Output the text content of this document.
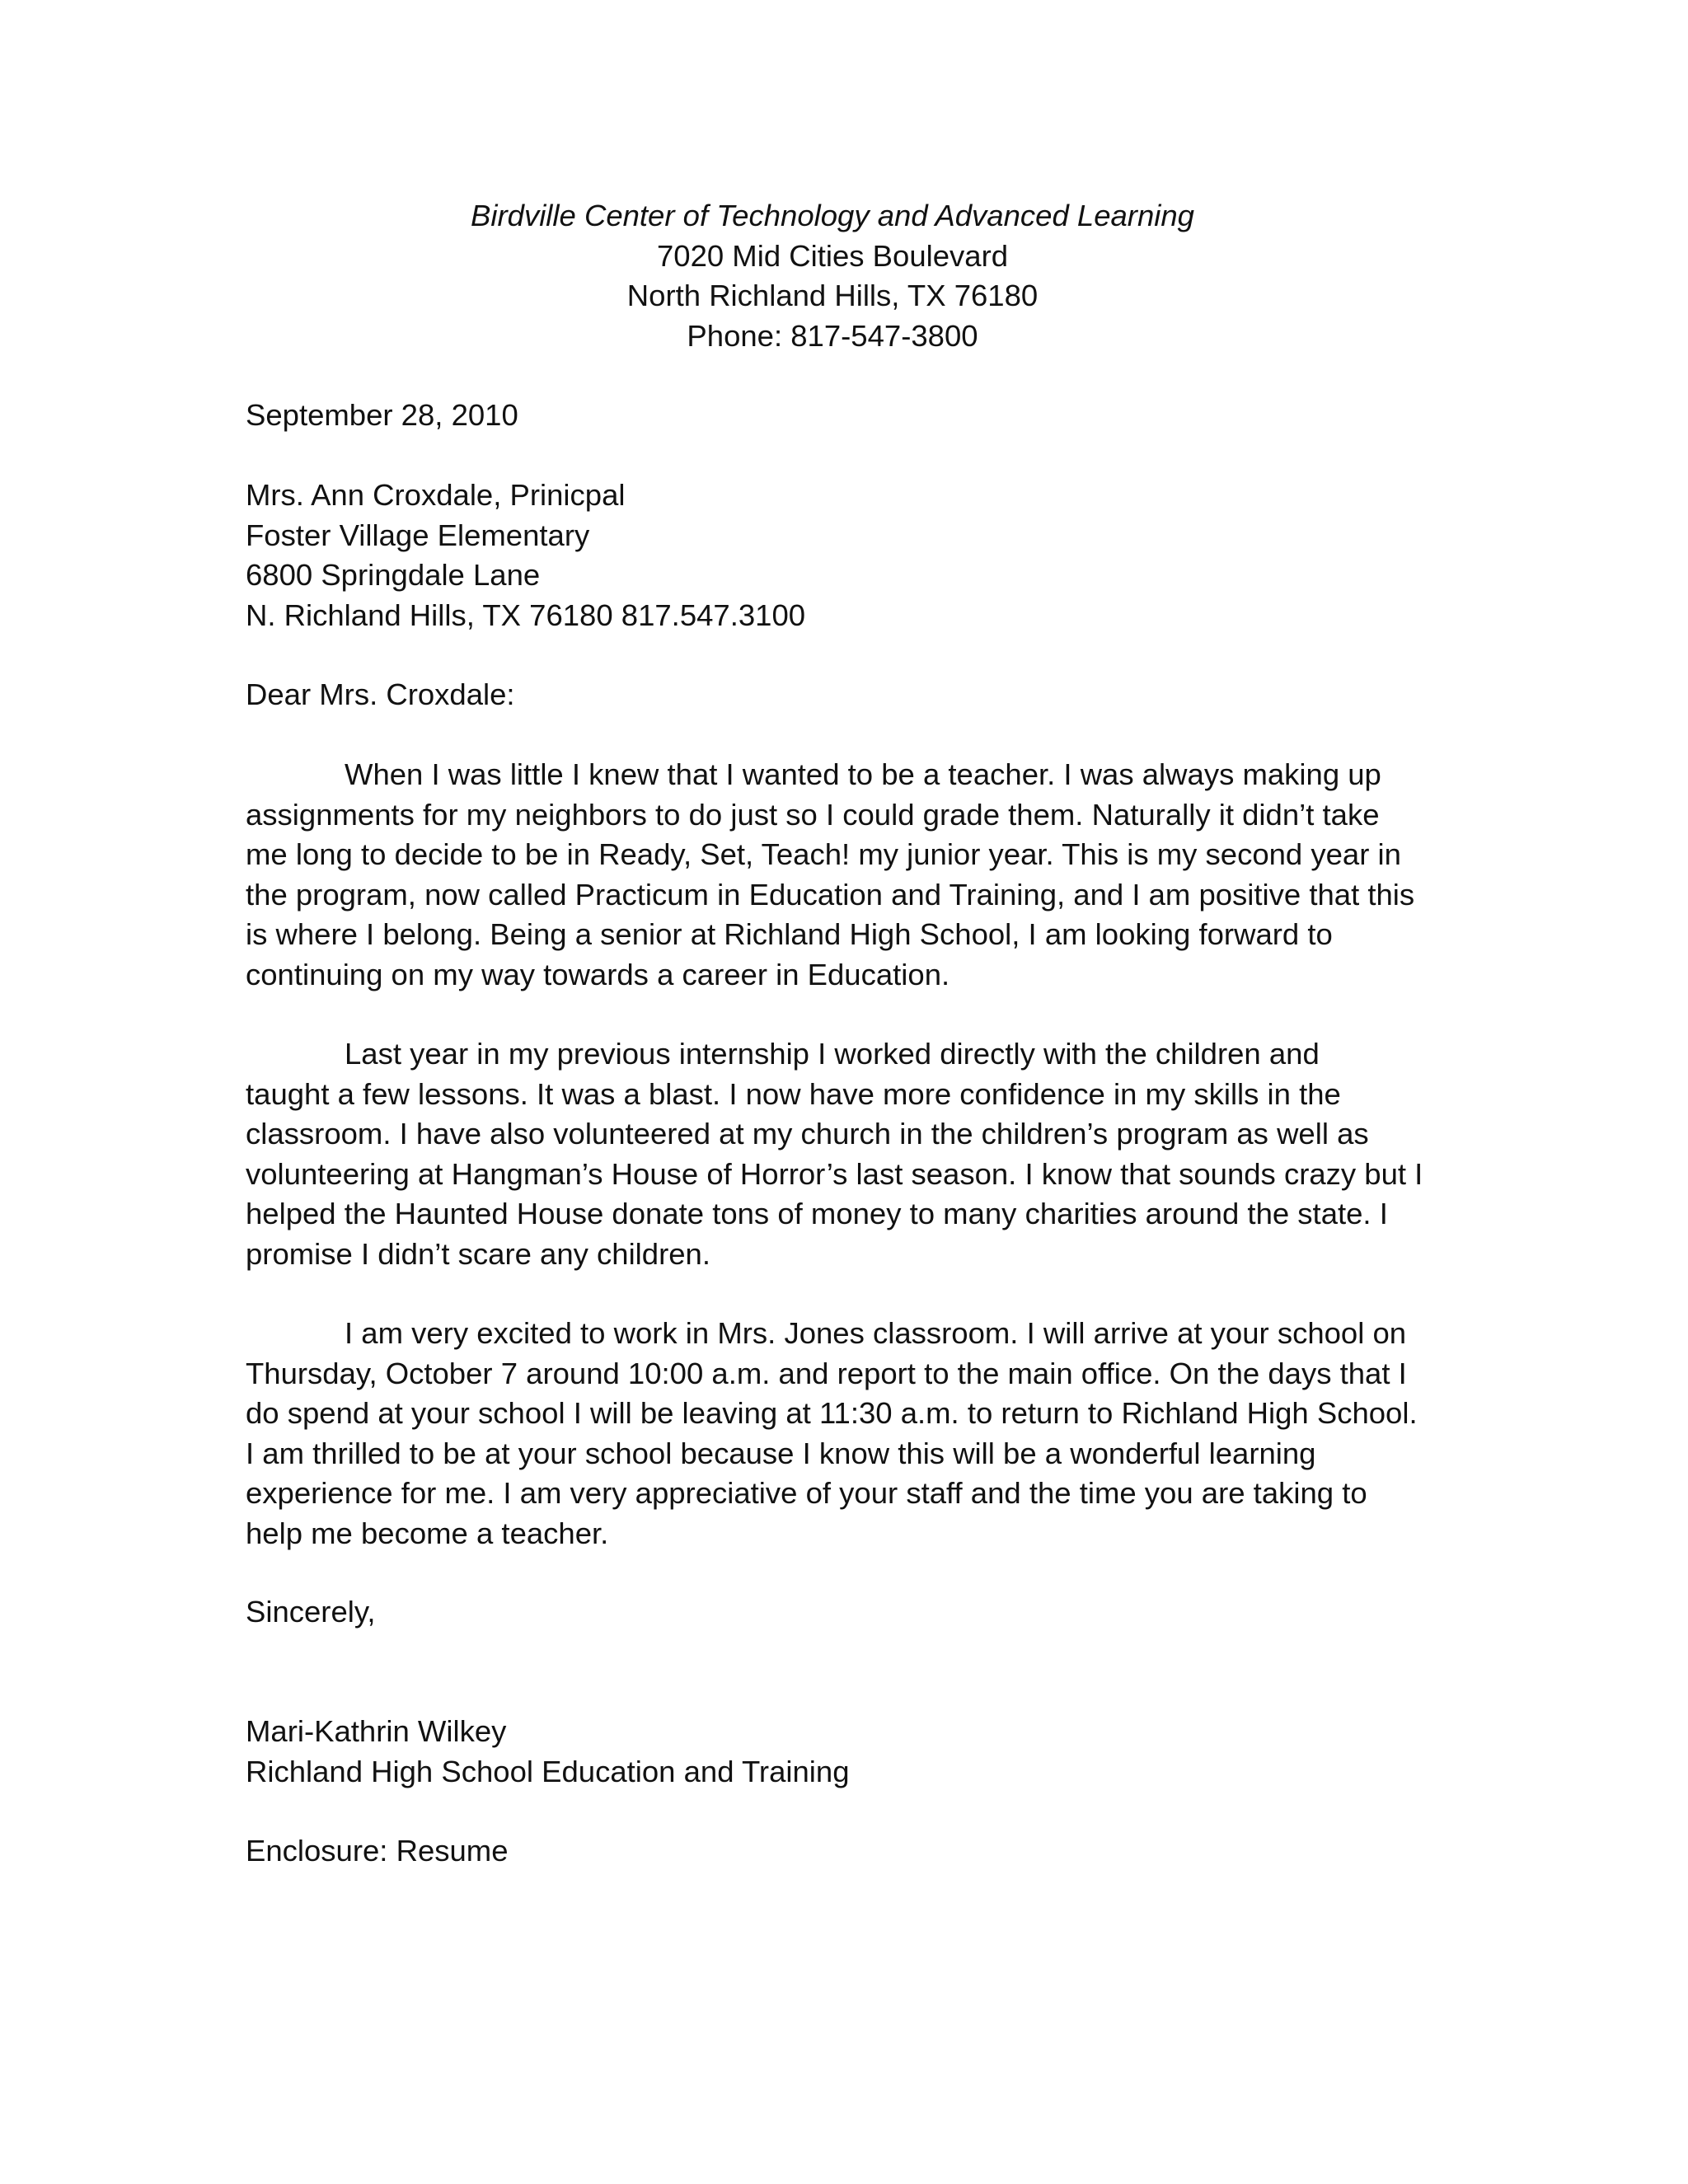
Birdville Center of Technology and Advanced Learning
7020 Mid Cities Boulevard
North Richland Hills, TX 76180
Phone: 817-547-3800
September 28, 2010
Mrs. Ann Croxdale, Prinicpal
Foster Village Elementary
6800 Springdale Lane
N. Richland Hills, TX 76180 817.547.3100
Dear Mrs. Croxdale:
When I was little I knew that I wanted to be a teacher. I was always making up
assignments for my neighbors to do just so I could grade them. Naturally it didn’t take
me long to decide to be in Ready, Set, Teach! my junior year. This is my second year in
the program, now called Practicum in Education and Training, and I am positive that this
is where I belong. Being a senior at Richland High School, I am looking forward to
continuing on my way towards a career in Education.
Last year in my previous internship I worked directly with the children and
taught a few lessons. It was a blast. I now have more confidence in my skills in the
classroom. I have also volunteered at my church in the children’s program as well as
volunteering at Hangman’s House of Horror’s last season. I know that sounds crazy but I
helped the Haunted House donate tons of money to many charities around the state. I
promise I didn’t scare any children.
I am very excited to work in Mrs. Jones classroom. I will arrive at your school on
Thursday, October 7 around 10:00 a.m. and report to the main office. On the days that I
do spend at your school I will be leaving at 11:30 a.m. to return to Richland High School.
I am thrilled to be at your school because I know this will be a wonderful learning
experience for me. I am very appreciative of your staff and the time you are taking to
help me become a teacher.
Sincerely,
Mari-Kathrin Wilkey
Richland High School Education and Training
Enclosure: Resume
